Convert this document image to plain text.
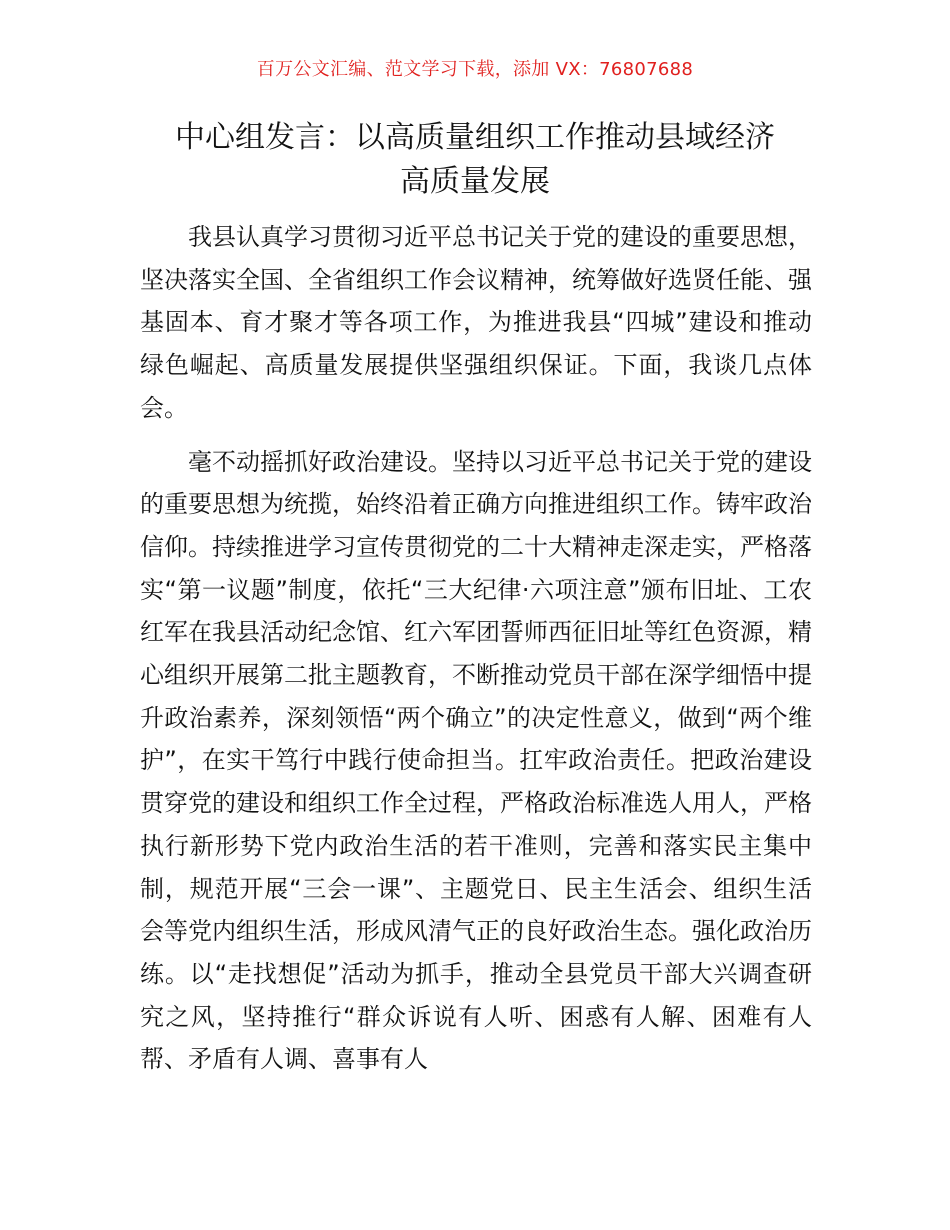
百万公文汇编、范文学习下载，添加 VX：76807688
中心组发言：以高质量组织工作推动县域经济
高质量发展

我县认真学习贯彻习近平总书记关于党的建设的重要思想，坚决落实全国、全省组织工作会议精神，统筹做好选贤任能、强基固本、育才聚才等各项工作，为推进我县“四城”建设和推动绿色崛起、高质量发展提供坚强组织保证。下面，我谈几点体会。

毫不动摇抓好政治建设。坚持以习近平总书记关于党的建设的重要思想为统揽，始终沿着正确方向推进组织工作。铸牢政治信仰。持续推进学习宣传贯彻党的二十大精神走深走实，严格落实“第一议题”制度，依托“三大纪律·六项注意”颁布旧址、工农红军在我县活动纪念馆、红六军团誓师西征旧址等红色资源，精心组织开展第二批主题教育，不断推动党员干部在深学细悟中提升政治素养，深刻领悟“两个确立”的决定性意义，做到“两个维护”，在实干笃行中践行使命担当。扛牢政治责任。把政治建设贯穿党的建设和组织工作全过程，严格政治标准选人用人，严格执行新形势下党内政治生活的若干准则，完善和落实民主集中制，规范开展“三会一课”、主题党日、民主生活会、组织生活会等党内组织生活，形成风清气正的良好政治生态。强化政治历练。以“走找想促”活动为抓手，推动全县党员干部大兴调查研究之风，坚持推行“群众诉说有人听、困惑有人解、困难有人帮、矛盾有人调、喜事有人
